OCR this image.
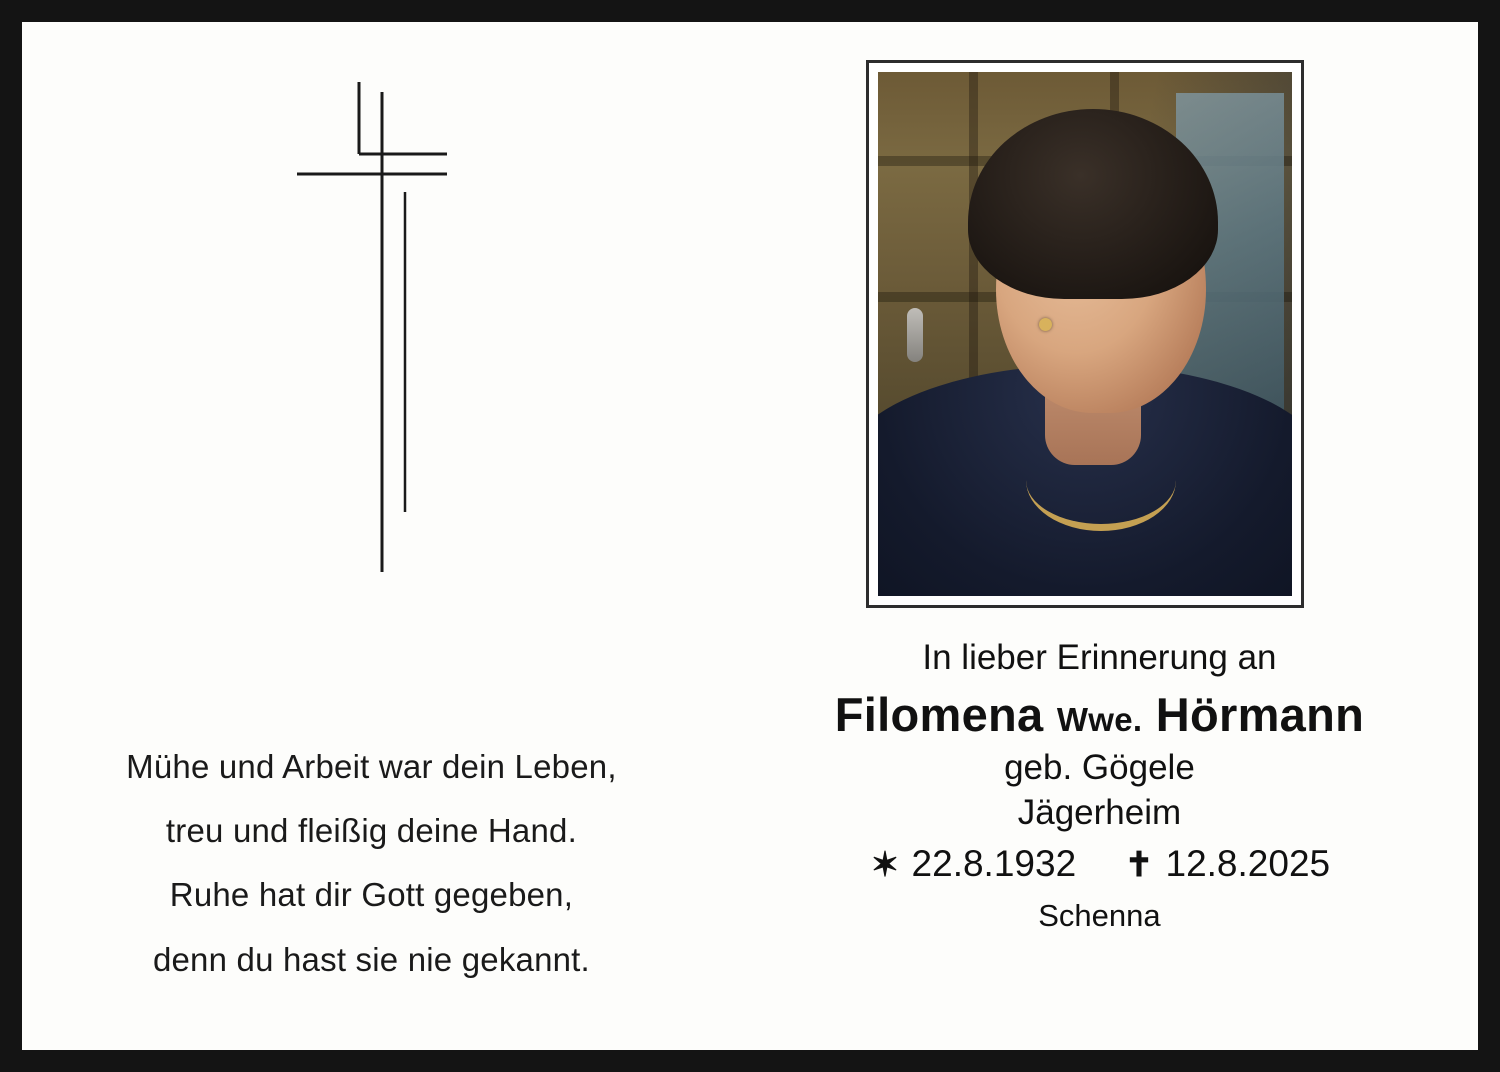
Mühe und Arbeit war dein Leben,
treu und fleißig deine Hand.
Ruhe hat dir Gott gegeben,
denn du hast sie nie gekannt.
In lieber Erinnerung an
Filomena Wwe. Hörmann
geb. Gögele
Jägerheim
✶ 22.8.1932 ✝ 12.8.2025
Schenna
